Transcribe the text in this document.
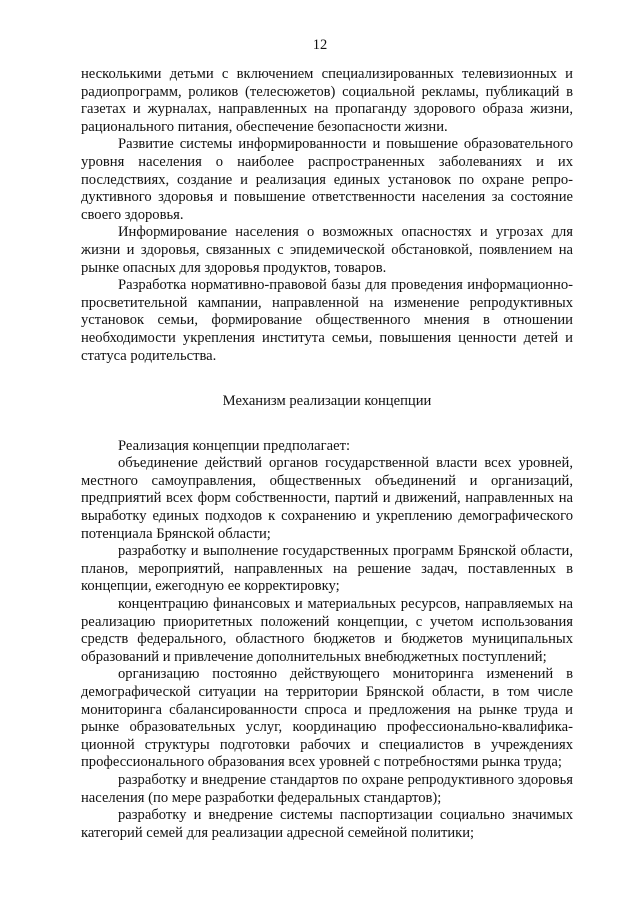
12

несколькими детьми с включением специализированных телевизионных и радиопрограмм, роликов (телесюжетов) социальной рекламы, публикаций в газетах и журналах, направленных на пропаганду здорового образа жизни, рационального питания, обеспечение безопасности жизни.

Развитие системы информированности и повышение образовательного уровня населения о наиболее распространенных заболеваниях и их последствиях, создание и реализация единых установок по охране репродуктивного здоровья и повышение ответственности населения за состояние своего здоровья.

Информирование населения о возможных опасностях и угрозах для жизни и здоровья, связанных с эпидемической обстановкой, появлением на рынке опасных для здоровья продуктов, товаров.

Разработка нормативно-правовой базы для проведения информационно-просветительной кампании, направленной на изменение репродуктивных установок семьи, формирование общественного мнения в отношении необходимости укрепления института семьи, повышения ценности детей и статуса родительства.

Механизм реализации концепции

Реализация концепции предполагает:

объединение действий органов государственной власти всех уровней, местного самоуправления, общественных объединений и организаций, предприятий всех форм собственности, партий и движений, направленных на выработку единых подходов к сохранению и укреплению демографического потенциала Брянской области;

разработку и выполнение государственных программ Брянской области, планов, мероприятий, направленных на решение задач, поставленных в концепции, ежегодную ее корректировку;

концентрацию финансовых и материальных ресурсов, направляемых на реализацию приоритетных положений концепции, с учетом использования средств федерального, областного бюджетов и бюджетов муниципальных образований и привлечение дополнительных внебюджетных поступлений;

организацию постоянно действующего мониторинга изменений в демографической ситуации на территории Брянской области, в том числе мониторинга сбалансированности спроса и предложения на рынке труда и рынке образовательных услуг, координацию профессионально-квалификационной структуры подготовки рабочих и специалистов в учреждениях профессионального образования всех уровней с потребностями рынка труда;

разработку и внедрение стандартов по охране репродуктивного здоровья населения (по мере разработки федеральных стандартов);

разработку и внедрение системы паспортизации социально значимых категорий семей для реализации адресной семейной политики;
